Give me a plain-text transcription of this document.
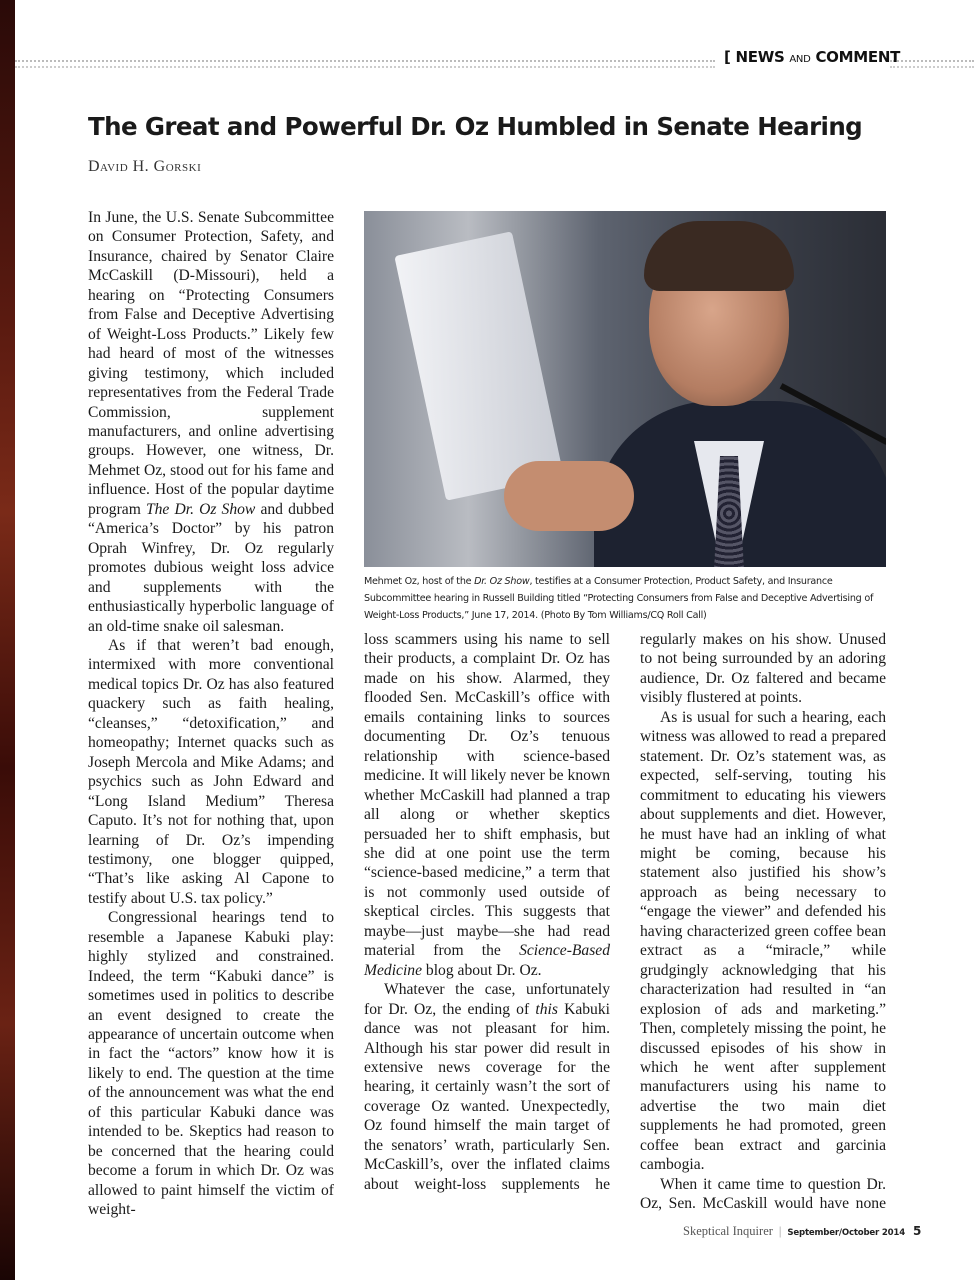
[ NEWS AND COMMENT
The Great and Powerful Dr. Oz Humbled in Senate Hearing
David H. Gorski

In June, the U.S. Senate Subcommittee on Consumer Protection, Safety, and Insurance, chaired by Senator Claire McCaskill (D-Missouri), held a hearing on “Protecting Consumers from False and Deceptive Advertising of Weight-Loss Products.” Likely few had heard of most of the witnesses giving testimony, which included representatives from the Federal Trade Commission, supplement manufacturers, and online advertising groups. However, one witness, Dr. Mehmet Oz, stood out for his fame and influence. Host of the popular daytime program The Dr. Oz Show and dubbed “America’s Doctor” by his patron Oprah Winfrey, Dr. Oz regularly promotes dubious weight loss advice and supplements with the enthusiastically hyperbolic language of an old-time snake oil salesman.

As if that weren’t bad enough, intermixed with more conventional medical topics Dr. Oz has also featured quackery such as faith healing, “cleanses,” “detoxification,” and homeopathy; Internet quacks such as Joseph Mercola and Mike Adams; and psychics such as John Edward and “Long Island Medium” Theresa Caputo. It’s not for nothing that, upon learning of Dr. Oz’s impending testimony, one blogger quipped, “That’s like asking Al Capone to testify about U.S. tax policy.”

Congressional hearings tend to resemble a Japanese Kabuki play: highly stylized and constrained. Indeed, the term “Kabuki dance” is sometimes used in politics to describe an event designed to create the appearance of uncertain outcome when in fact the “actors” know how it is likely to end. The question at the time of the announcement was what the end of this particular Kabuki dance was intended to be. Skeptics had reason to be concerned that the hearing could become a forum in which Dr. Oz was allowed to paint himself the victim of weight-

loss scammers using his name to sell their products, a complaint Dr. Oz has made on his show. Alarmed, they flooded Sen. McCaskill’s office with emails containing links to sources documenting Dr. Oz’s tenuous relationship with science-based medicine. It will likely never be known whether McCaskill had planned a trap all along or whether skeptics persuaded her to shift emphasis, but she did at one point use the term “science-based medicine,” a term that is not commonly used outside of skeptical circles. This suggests that maybe—just maybe—she had read material from the Science-Based Medicine blog about Dr. Oz.

Whatever the case, unfortunately for Dr. Oz, the ending of this Kabuki dance was not pleasant for him. Although his star power did result in extensive news coverage for the hearing, it certainly wasn’t the sort of coverage Oz wanted. Unexpectedly, Oz found himself the main target of the senators’ wrath, particularly Sen. McCaskill’s, over the inflated claims about weight-loss supplements he

regularly makes on his show. Unused to not being surrounded by an adoring audience, Dr. Oz faltered and became visibly flustered at points.

As is usual for such a hearing, each witness was allowed to read a prepared statement. Dr. Oz’s statement was, as expected, self-serving, touting his commitment to educating his viewers about supplements and diet. However, he must have had an inkling of what might be coming, because his statement also justified his show’s approach as being necessary to “engage the viewer” and defended his having characterized green coffee bean extract as a “miracle,” while grudgingly acknowledging that his characterization had resulted in “an explosion of ads and marketing.” Then, completely missing the point, he discussed episodes of his show in which he went after supplement manufacturers using his name to advertise the two main diet supplements he had promoted, green coffee bean extract and garcinia cambogia.

When it came time to question Dr. Oz, Sen. McCaskill would have none

Mehmet Oz, host of the Dr. Oz Show, testifies at a Consumer Protection, Product Safety, and Insurance Subcommittee hearing in Russell Building titled “Protecting Consumers from False and Deceptive Advertising of Weight-Loss Products,” June 17, 2014. (Photo By Tom Williams/CQ Roll Call)
Skeptical Inquirer | September/October 2014 5
